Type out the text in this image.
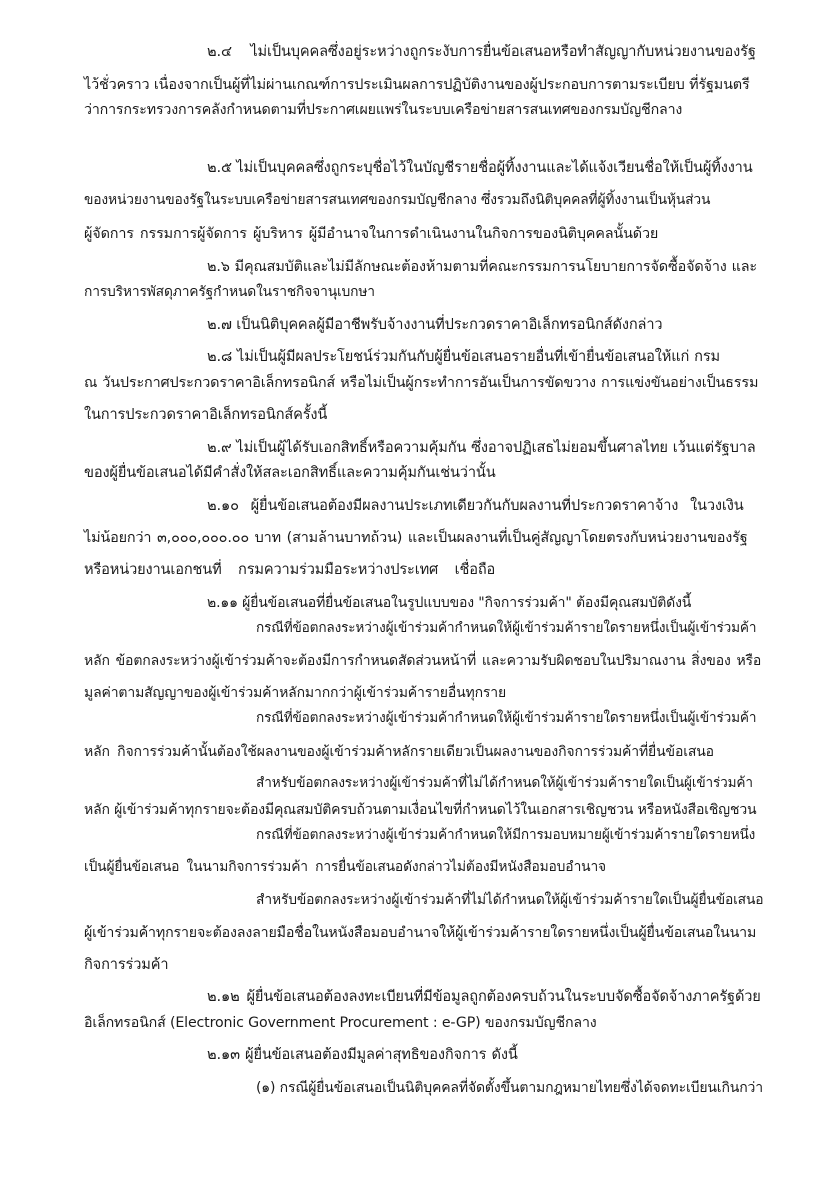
๒.๔ ไม่เป็นบุคคลซึ่งอยู่ระหว่างถูกระงับการยื่นข้อเสนอหรือทำสัญญากับหน่วยงานของรัฐ
ไว้ชั่วคราว เนื่องจากเป็นผู้ที่ไม่ผ่านเกณฑ์การประเมินผลการปฏิบัติงานของผู้ประกอบการตามระเบียบ ที่รัฐมนตรี
ว่าการกระทรวงการคลังกำหนดตามที่ประกาศเผยแพร่ในระบบเครือข่ายสารสนเทศของกรมบัญชีกลาง
๒.๕ ไม่เป็นบุคคลซึ่งถูกระบุชื่อไว้ในบัญชีรายชื่อผู้ทิ้งงานและได้แจ้งเวียนชื่อให้เป็นผู้ทิ้งงาน
ของหน่วยงานของรัฐในระบบเครือข่ายสารสนเทศของกรมบัญชีกลาง ซึ่งรวมถึงนิติบุคคลที่ผู้ทิ้งงานเป็นหุ้นส่วน
ผู้จัดการ กรรมการผู้จัดการ ผู้บริหาร ผู้มีอำนาจในการดำเนินงานในกิจการของนิติบุคคลนั้นด้วย
๒.๖ มีคุณสมบัติและไม่มีลักษณะต้องห้ามตามที่คณะกรรมการนโยบายการจัดซื้อจัดจ้าง และ
การบริหารพัสดุภาครัฐกำหนดในราชกิจจานุเบกษา
๒.๗ เป็นนิติบุคคลผู้มีอาชีพรับจ้างงานที่ประกวดราคาอิเล็กทรอนิกส์ดังกล่าว
๒.๘ ไม่เป็นผู้มีผลประโยชน์ร่วมกันกับผู้ยื่นข้อเสนอรายอื่นที่เข้ายื่นข้อเสนอให้แก่ กรม
ณ วันประกาศประกวดราคาอิเล็กทรอนิกส์ หรือไม่เป็นผู้กระทำการอันเป็นการขัดขวาง การแข่งขันอย่างเป็นธรรม
ในการประกวดราคาอิเล็กทรอนิกส์ครั้งนี้
๒.๙ ไม่เป็นผู้ได้รับเอกสิทธิ์หรือความคุ้มกัน ซึ่งอาจปฏิเสธไม่ยอมขึ้นศาลไทย เว้นแต่รัฐบาล
ของผู้ยื่นข้อเสนอได้มีคำสั่งให้สละเอกสิทธิ์และความคุ้มกันเช่นว่านั้น
๒.๑๐ ผู้ยื่นข้อเสนอต้องมีผลงานประเภทเดียวกันกับผลงานที่ประกวดราคาจ้าง ในวงเงิน
ไม่น้อยกว่า ๓,๐๐๐,๐๐๐.๐๐ บาท (สามล้านบาทถ้วน) และเป็นผลงานที่เป็นคู่สัญญาโดยตรงกับหน่วยงานของรัฐ
หรือหน่วยงานเอกชนที่ กรมความร่วมมือระหว่างประเทศ เชื่อถือ
๒.๑๑ ผู้ยื่นข้อเสนอที่ยื่นข้อเสนอในรูปแบบของ "กิจการร่วมค้า" ต้องมีคุณสมบัติดังนี้
กรณีที่ข้อตกลงระหว่างผู้เข้าร่วมค้ากำหนดให้ผู้เข้าร่วมค้ารายใดรายหนึ่งเป็นผู้เข้าร่วมค้า
หลัก ข้อตกลงระหว่างผู้เข้าร่วมค้าจะต้องมีการกำหนดสัดส่วนหน้าที่ และความรับผิดชอบในปริมาณงาน สิ่งของ หรือ
มูลค่าตามสัญญาของผู้เข้าร่วมค้าหลักมากกว่าผู้เข้าร่วมค้ารายอื่นทุกราย
กรณีที่ข้อตกลงระหว่างผู้เข้าร่วมค้ากำหนดให้ผู้เข้าร่วมค้ารายใดรายหนึ่งเป็นผู้เข้าร่วมค้า
หลัก กิจการร่วมค้านั้นต้องใช้ผลงานของผู้เข้าร่วมค้าหลักรายเดียวเป็นผลงานของกิจการร่วมค้าที่ยื่นข้อเสนอ
สำหรับข้อตกลงระหว่างผู้เข้าร่วมค้าที่ไม่ได้กำหนดให้ผู้เข้าร่วมค้ารายใดเป็นผู้เข้าร่วมค้า
หลัก ผู้เข้าร่วมค้าทุกรายจะต้องมีคุณสมบัติครบถ้วนตามเงื่อนไขที่กำหนดไว้ในเอกสารเชิญชวน หรือหนังสือเชิญชวน
กรณีที่ข้อตกลงระหว่างผู้เข้าร่วมค้ากำหนดให้มีการมอบหมายผู้เข้าร่วมค้ารายใดรายหนึ่ง
เป็นผู้ยื่นข้อเสนอ ในนามกิจการร่วมค้า การยื่นข้อเสนอดังกล่าวไม่ต้องมีหนังสือมอบอำนาจ
สำหรับข้อตกลงระหว่างผู้เข้าร่วมค้าที่ไม่ได้กำหนดให้ผู้เข้าร่วมค้ารายใดเป็นผู้ยื่นข้อเสนอ
ผู้เข้าร่วมค้าทุกรายจะต้องลงลายมือชื่อในหนังสือมอบอำนาจให้ผู้เข้าร่วมค้ารายใดรายหนึ่งเป็นผู้ยื่นข้อเสนอในนาม
กิจการร่วมค้า
๒.๑๒ ผู้ยื่นข้อเสนอต้องลงทะเบียนที่มีข้อมูลถูกต้องครบถ้วนในระบบจัดซื้อจัดจ้างภาครัฐด้วย
อิเล็กทรอนิกส์ (Electronic Government Procurement : e-GP) ของกรมบัญชีกลาง
๒.๑๓ ผู้ยื่นข้อเสนอต้องมีมูลค่าสุทธิของกิจการ ดังนี้
(๑) กรณีผู้ยื่นข้อเสนอเป็นนิติบุคคลที่จัดตั้งขึ้นตามกฎหมายไทยซึ่งได้จดทะเบียนเกินกว่า
